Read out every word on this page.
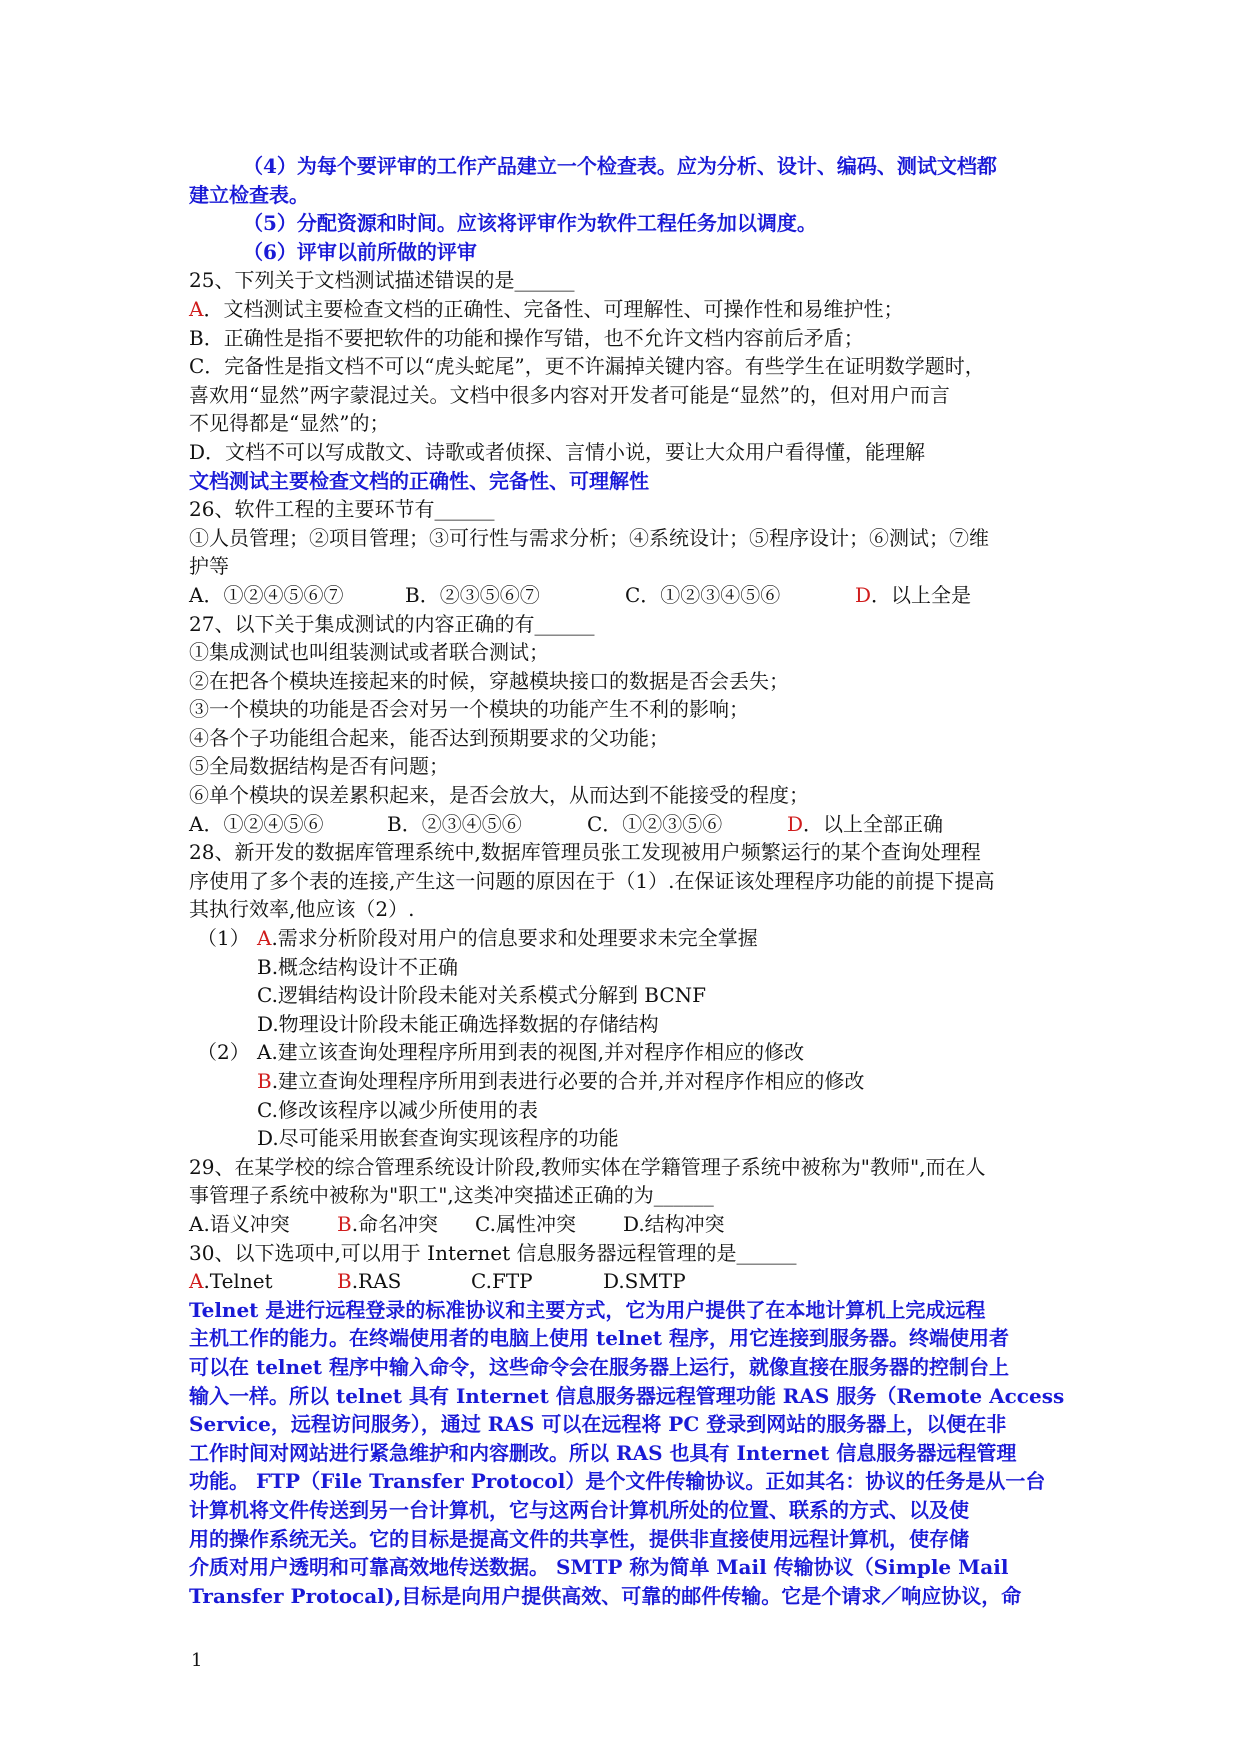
（4）为每个要评审的工作产品建立一个检查表。应为分析、设计、编码、测试文档都
建立检查表。
（5）分配资源和时间。应该将评审作为软件工程任务加以调度。
（6）评审以前所做的评审
25、下列关于文档测试描述错误的是______
A．文档测试主要检查文档的正确性、完备性、可理解性、可操作性和易维护性；
B．正确性是指不要把软件的功能和操作写错，也不允许文档内容前后矛盾；
C．完备性是指文档不可以“虎头蛇尾”，更不许漏掉关键内容。有些学生在证明数学题时，
喜欢用“显然”两字蒙混过关。文档中很多内容对开发者可能是“显然”的，但对用户而言
不见得都是“显然”的；
D．文档不可以写成散文、诗歌或者侦探、言情小说，要让大众用户看得懂，能理解
文档测试主要检查文档的正确性、完备性、可理解性
26、软件工程的主要环节有______
①人员管理；②项目管理；③可行性与需求分析；④系统设计；⑤程序设计；⑥测试；⑦维
护等
A．①②④⑤⑥⑦	B．②③⑤⑥⑦	C．①②③④⑤⑥	D．以上全是
27、以下关于集成测试的内容正确的有______
①集成测试也叫组装测试或者联合测试；
②在把各个模块连接起来的时候，穿越模块接口的数据是否会丢失；
③一个模块的功能是否会对另一个模块的功能产生不利的影响；
④各个子功能组合起来，能否达到预期要求的父功能；
⑤全局数据结构是否有问题；
⑥单个模块的误差累积起来，是否会放大，从而达到不能接受的程度；
A．①②④⑤⑥	B．②③④⑤⑥	C．①②③⑤⑥	D．以上全部正确
28、新开发的数据库管理系统中,数据库管理员张工发现被用户频繁运行的某个查询处理程
序使用了多个表的连接,产生这一问题的原因在于（1）.在保证该处理程序功能的前提下提高
其执行效率,他应该（2）.
（1） A.需求分析阶段对用户的信息要求和处理要求未完全掌握
B.概念结构设计不正确
C.逻辑结构设计阶段未能对关系模式分解到 BCNF
D.物理设计阶段未能正确选择数据的存储结构
（2） A.建立该查询处理程序所用到表的视图,并对程序作相应的修改
B.建立查询处理程序所用到表进行必要的合并,并对程序作相应的修改
C.修改该程序以减少所使用的表
D.尽可能采用嵌套查询实现该程序的功能
29、在某学校的综合管理系统设计阶段,教师实体在学籍管理子系统中被称为"教师",而在人
事管理子系统中被称为"职工",这类冲突描述正确的为______
A.语义冲突 B.命名冲突 C.属性冲突 D.结构冲突
30、以下选项中,可以用于 Internet 信息服务器远程管理的是______
A.Telnet	B.RAS	C.FTP	D.SMTP
Telnet 是进行远程登录的标准协议和主要方式，它为用户提供了在本地计算机上完成远程
主机工作的能力。在终端使用者的电脑上使用 telnet 程序，用它连接到服务器。终端使用者
可以在 telnet 程序中输入命令，这些命令会在服务器上运行，就像直接在服务器的控制台上
输入一样。所以 telnet 具有 Internet 信息服务器远程管理功能 RAS 服务（Remote Access
Service，远程访问服务），通过 RAS 可以在远程将 PC 登录到网站的服务器上，以便在非
工作时间对网站进行紧急维护和内容删改。所以 RAS 也具有 Internet 信息服务器远程管理
功能。 FTP（File Transfer Protocol）是个文件传输协议。正如其名：协议的任务是从一台
计算机将文件传送到另一台计算机，它与这两台计算机所处的位置、联系的方式、以及使
用的操作系统无关。它的目标是提高文件的共享性，提供非直接使用远程计算机，使存储
介质对用户透明和可靠高效地传送数据。 SMTP 称为简单 Mail 传输协议（Simple Mail
Transfer Protocal),目标是向用户提供高效、可靠的邮件传输。它是个请求／响应协议，命
1
